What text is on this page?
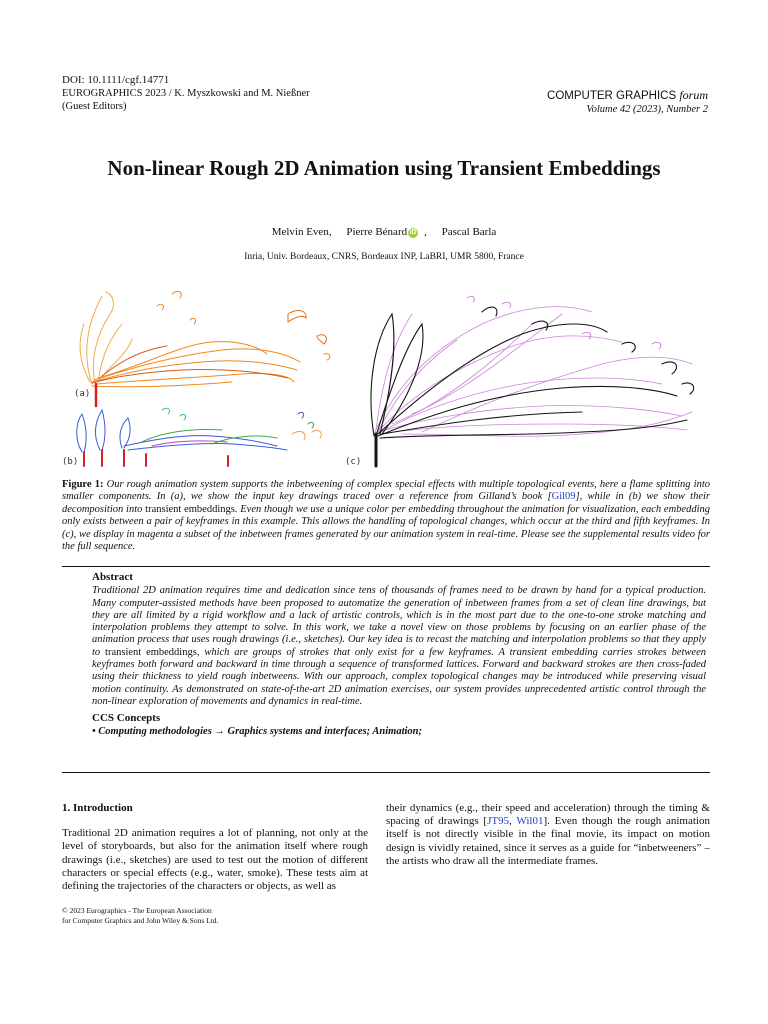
DOI: 10.1111/cgf.14771
EUROGRAPHICS 2023 / K. Myszkowski and M. Nießner
(Guest Editors)
COMPUTER GRAPHICS forum
Volume 42 (2023), Number 2
Non-linear Rough 2D Animation using Transient Embeddings
Melvin Even, Pierre Bénard iD , Pascal Barla
Inria, Univ. Bordeaux, CNRS, Bordeaux INP, LaBRI, UMR 5800, France
(a)
(b)	(c)
Figure 1: Our rough animation system supports the inbetweening of complex special effects with multiple topological events, here a flame splitting into smaller components. In (a), we show the input key drawings traced over a reference from Gilland’s book [Gil09], while in (b) we show their decomposition into transient embeddings. Even though we use a unique color per embedding throughout the animation for visualization, each embedding only exists between a pair of keyframes in this example. This allows the handling of topological changes, which occur at the third and fifth keyframes. In (c), we display in magenta a subset of the inbetween frames generated by our animation system in real-time. Please see the supplemental results video for the full sequence.
Abstract

Traditional 2D animation requires time and dedication since tens of thousands of frames need to be drawn by hand for a typical production. Many computer-assisted methods have been proposed to automatize the generation of inbetween frames from a set of clean line drawings, but they are all limited by a rigid workflow and a lack of artistic controls, which is in the most part due to the one-to-one stroke matching and interpolation problems they attempt to solve. In this work, we take a novel view on those problems by focusing on an earlier phase of the animation process that uses rough drawings (i.e., sketches). Our key idea is to recast the matching and interpolation problems so that they apply to transient embeddings, which are groups of strokes that only exist for a few keyframes. A transient embedding carries strokes between keyframes both forward and backward in time through a sequence of transformed lattices. Forward and backward strokes are then cross-faded using their thickness to yield rough inbetweens. With our approach, complex topological changes may be introduced while preserving visual motion continuity. As demonstrated on state-of-the-art 2D animation exercises, our system provides unprecedented artistic control through the non-linear exploration of movements and dynamics in real-time.

CCS Concepts
• Computing methodologies → Graphics systems and interfaces; Animation;
1. Introduction

Traditional 2D animation requires a lot of planning, not only at the level of storyboards, but also for the animation itself where rough drawings (i.e., sketches) are used to test out the motion of different characters or special effects (e.g., water, smoke). These tests aim at defining the trajectories of the characters or objects, as well as

their dynamics (e.g., their speed and acceleration) through the timing & spacing of drawings [JT95, Wil01]. Even though the rough animation itself is not directly visible in the final movie, its impact on motion design is vividly retained, since it serves as a guide for “inbetweeners” – the artists who draw all the intermediate frames.

© 2023 Eurographics - The European Association
for Computer Graphics and John Wiley & Sons Ltd.
